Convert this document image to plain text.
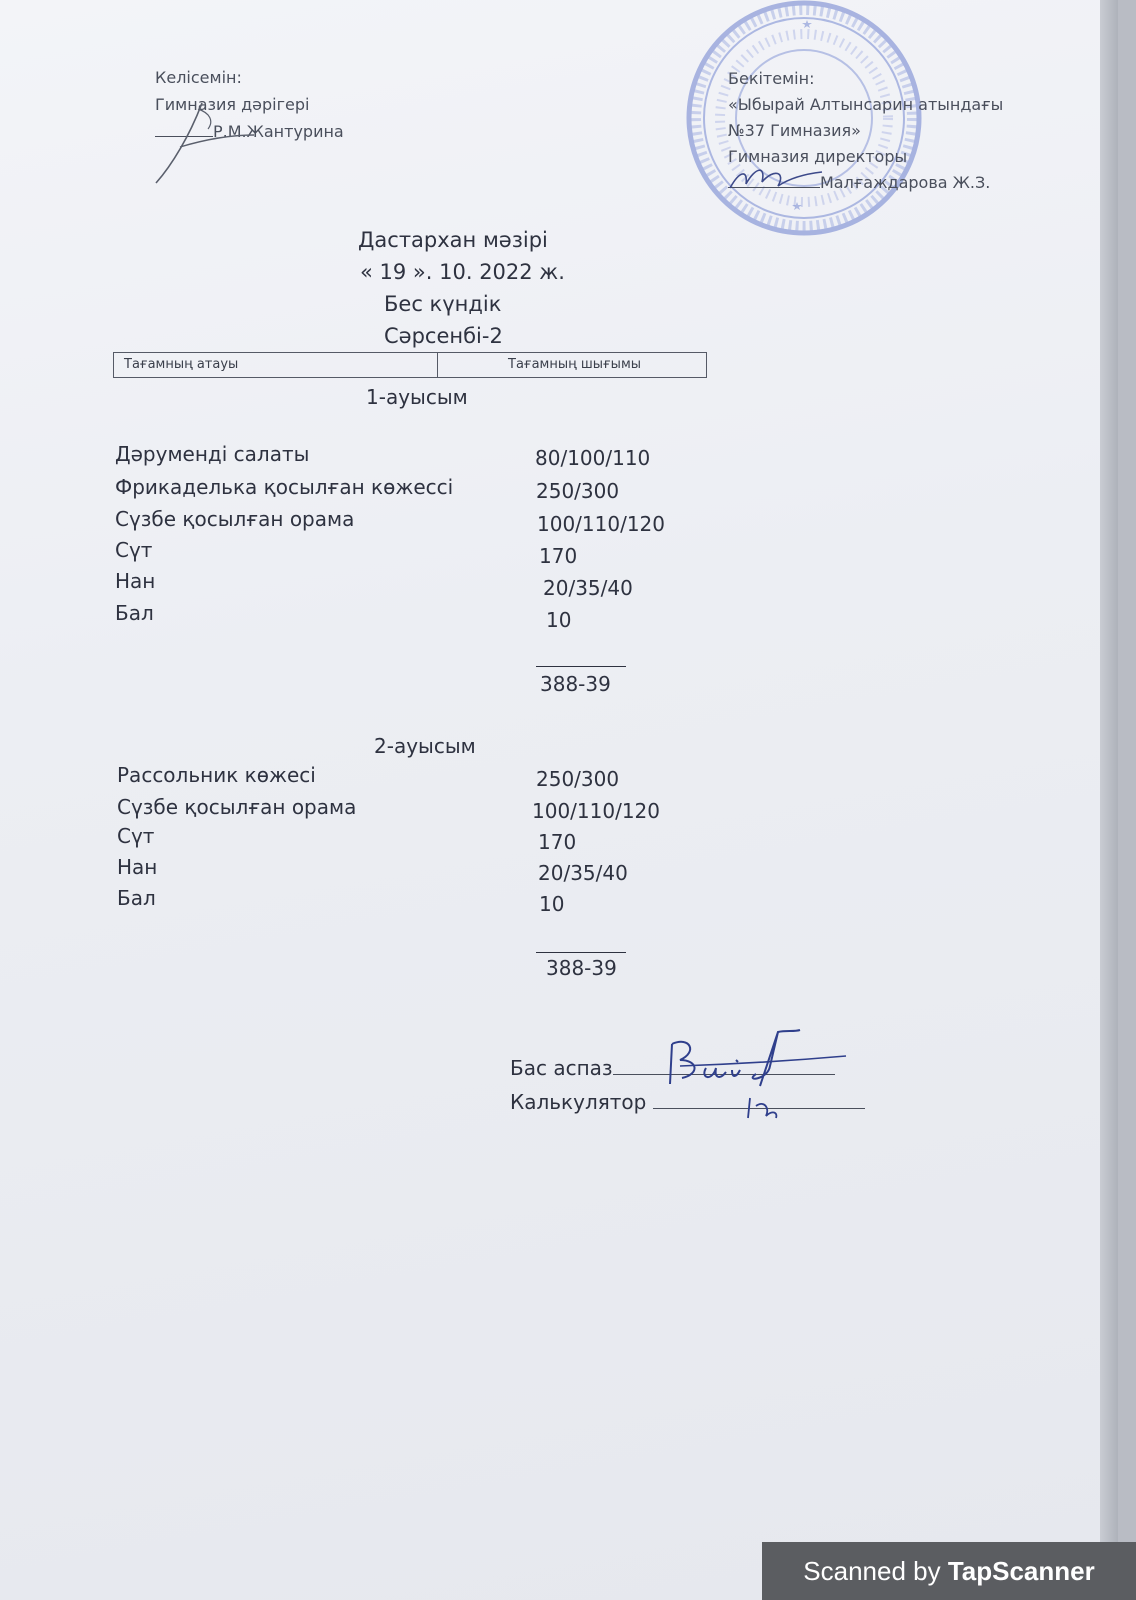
Келісемін:
Гимназия дәрігері
Р.М.Жантурина
Бекітемін:
«Ыбырай Алтынсарин атындағы
№37 Гимназия»
Гимназия директоры
Малғаждарова Ж.З.
Дастархан мәзірі
« 19 ». 10. 2022 ж.
Бес күндік
Сәрсенбі-2
Тағамның атауы	Тағамның шығымы
1-ауысым
Дәруменді салаты	80/100/110
Фрикаделька қосылған көжессі	250/300
Сүзбе қосылған орама	100/110/120
Сүт	170
Нан	20/35/40
Бал	10
388-39
2-ауысым
Рассольник көжесі	250/300
Сүзбе қосылған орама	100/110/120
Сүт	170
Нан	20/35/40
Бал	10
388-39
Бас аспаз
Калькулятор
Scanned by TapScanner
